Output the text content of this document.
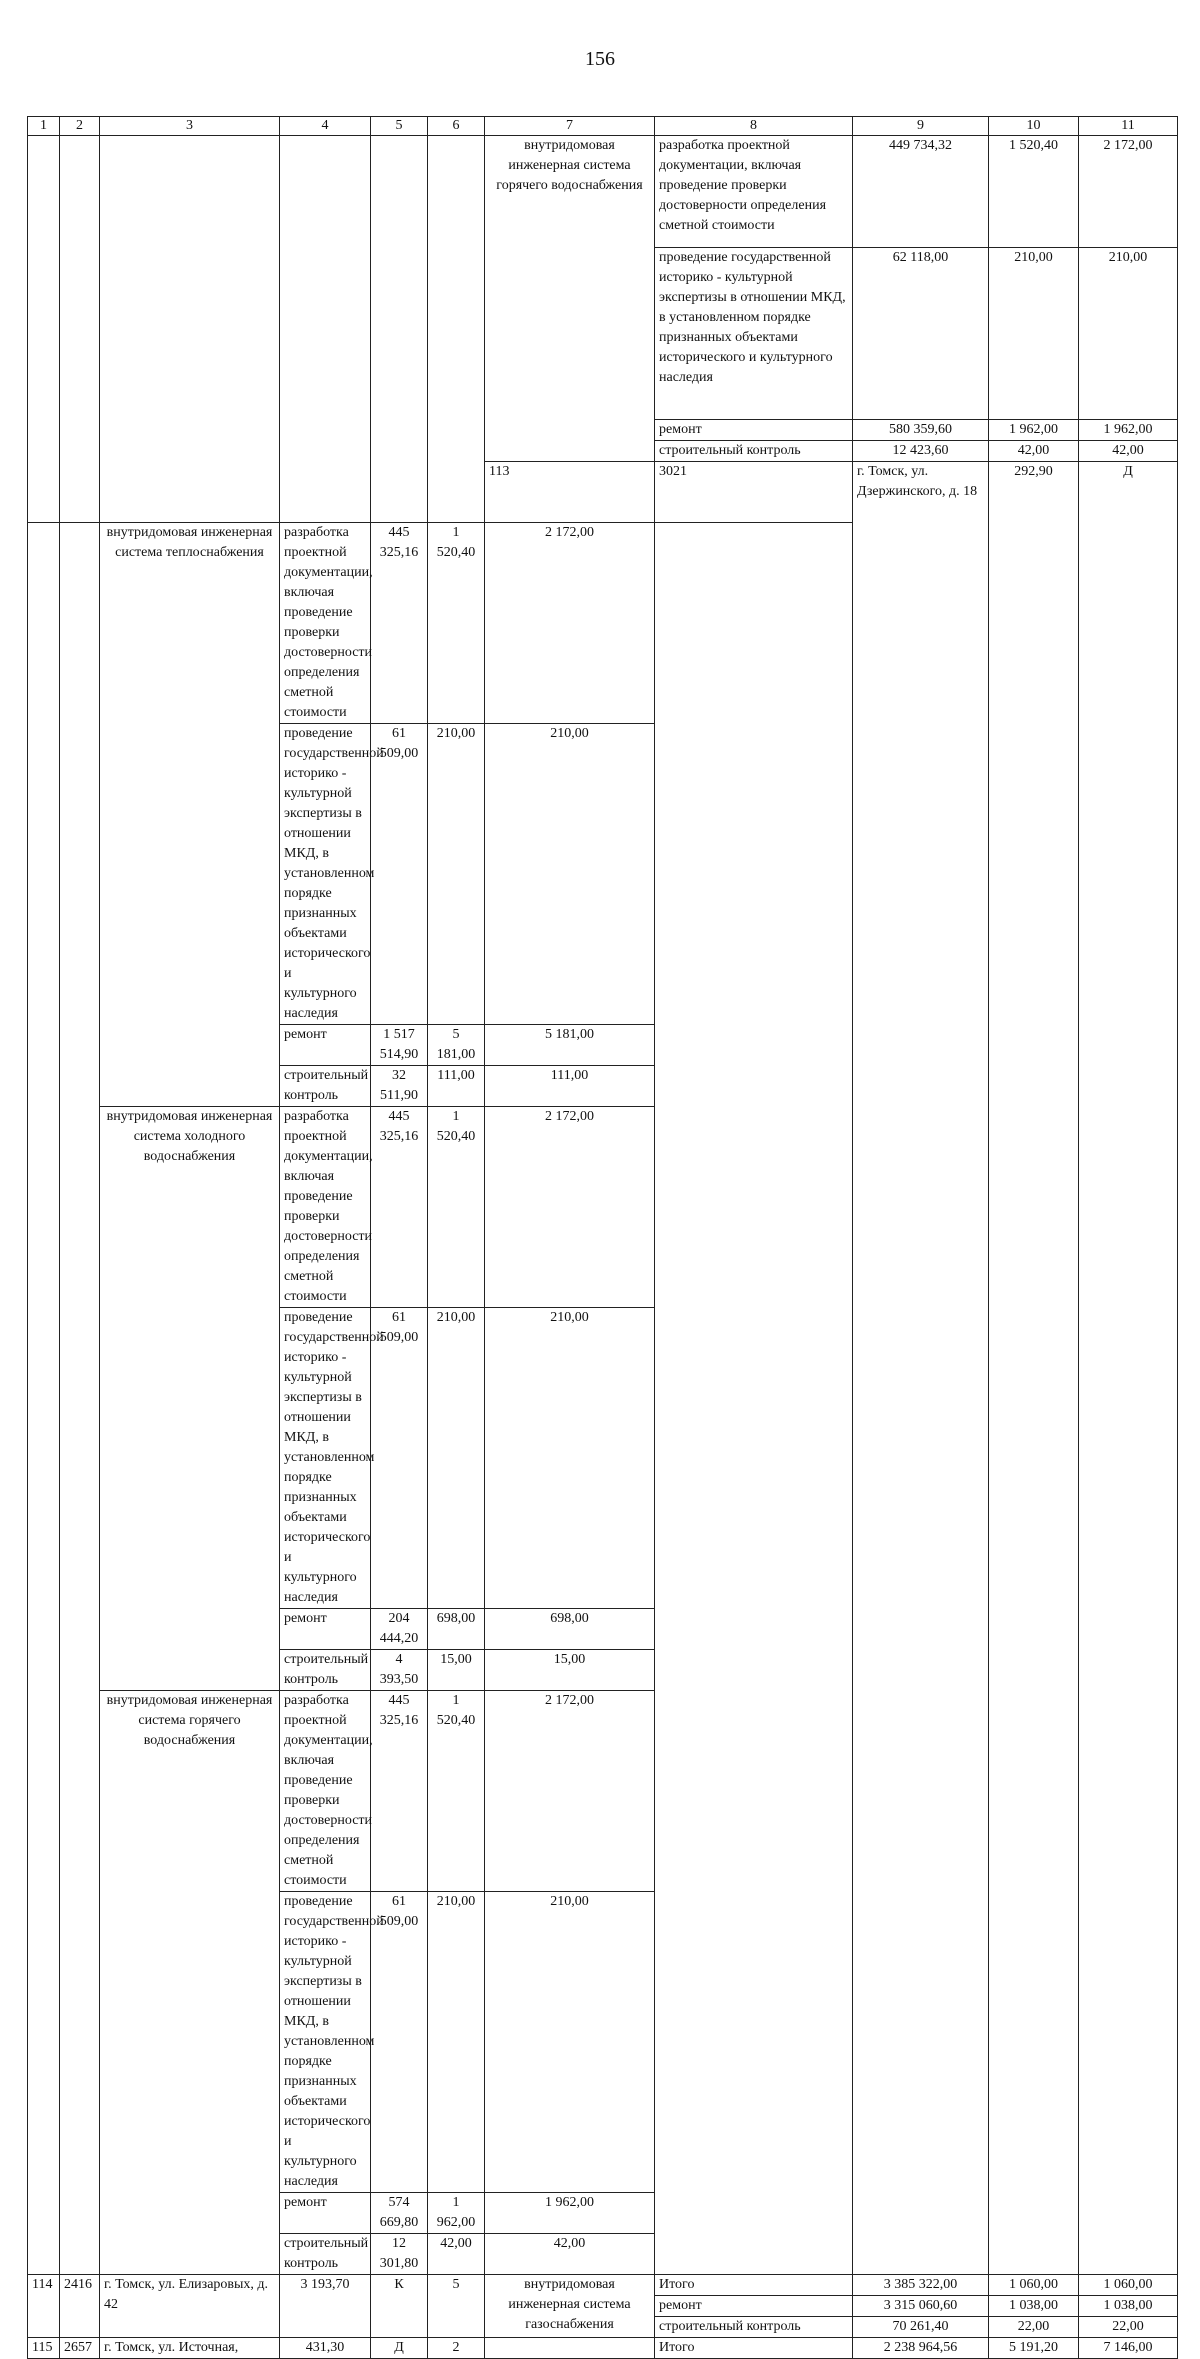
156
1	2	3	4	5	6	7	8	9	10	11	
						внутридомовая инженерная система горячего водоснабжения	разработка проектной документации, включая проведение проверки достоверности определения сметной стоимости	449 734,32	1 520,40	2 172,00	
							проведение государственной историко - культурной экспертизы в отношении МКД, в установленном порядке признанных объектами исторического и культурного наследия	62 118,00	210,00	210,00	
							ремонт	580 359,60	1 962,00	1 962,00	
							строительный контроль	12 423,60	42,00	42,00	
						113	3021	г. Томск, ул. Дзержинского, д. 18	292,90	Д						
		внутридомовая инженерная система теплоснабжения	разработка проектной документации, включая проведение проверки достоверности определения сметной стоимости	445 325,16	1 520,40	2 172,00					
			проведение государственной историко - культурной экспертизы в отношении МКД, в установленном порядке признанных объектами исторического и культурного наследия	61 509,00	210,00	210,00					
			ремонт	1 517 514,90	5 181,00	5 181,00					
			строительный контроль	32 511,90	111,00	111,00					
		внутридомовая инженерная система холодного водоснабжения	разработка проектной документации, включая проведение проверки достоверности определения сметной стоимости	445 325,16	1 520,40	2 172,00					
			проведение государственной историко - культурной экспертизы в отношении МКД, в установленном порядке признанных объектами исторического и культурного наследия	61 509,00	210,00	210,00					
			ремонт	204 444,20	698,00	698,00					
			строительный контроль	4 393,50	15,00	15,00					
		внутридомовая инженерная система горячего водоснабжения	разработка проектной документации, включая проведение проверки достоверности определения сметной стоимости	445 325,16	1 520,40	2 172,00					
			проведение государственной историко - культурной экспертизы в отношении МКД, в установленном порядке признанных объектами исторического и культурного наследия	61 509,00	210,00	210,00					
			ремонт	574 669,80	1 962,00	1 962,00					
			строительный контроль	12 301,80	42,00	42,00					
114	2416	г. Томск, ул. Елизаровых, д. 42	3 193,70	К	5	внутридомовая инженерная система газоснабжения	Итого	3 385 322,00	1 060,00	1 060,00	
							ремонт	3 315 060,60	1 038,00	1 038,00	
							строительный контроль	70 261,40	22,00	22,00	
115	2657	г. Томск, ул. Источная,	431,30	Д	2		Итого	2 238 964,56	5 191,20	7 146,00	
